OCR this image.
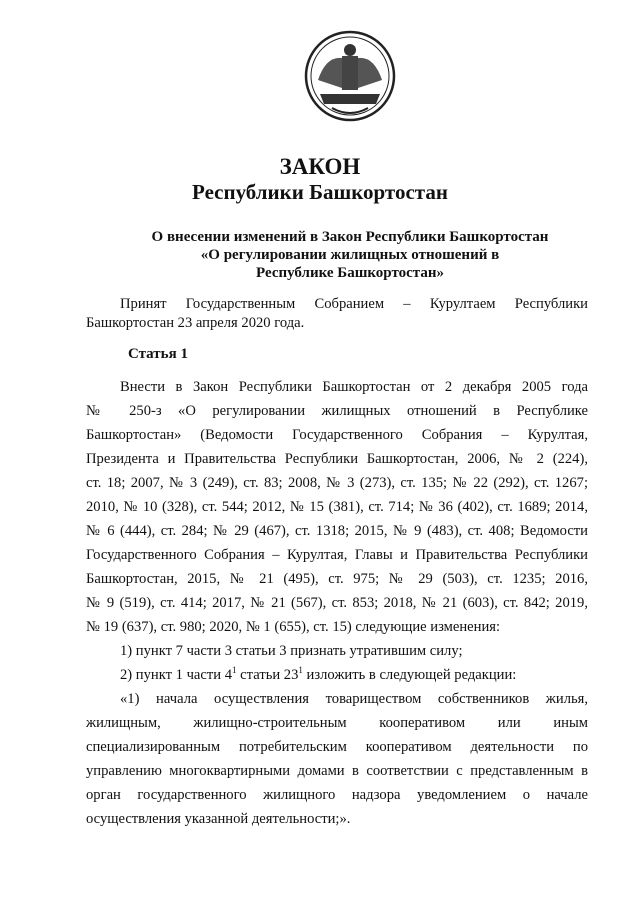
ЗАКОН
Республики Башкортостан
О внесении изменений в Закон Республики Башкортостан
«О регулировании жилищных отношений в
Республике Башкортостан»
Принят Государственным Собранием – Курултаем Республики
Башкортостан 23 апреля 2020 года.
Статья 1
Внести в Закон Республики Башкортостан от 2 декабря 2005 года
№ 250-з «О регулировании жилищных отношений в Республике
Башкортостан» (Ведомости Государственного Собрания – Курултая,
Президента и Правительства Республики Башкортостан, 2006, № 2 (224),
ст. 18; 2007, № 3 (249), ст. 83; 2008, № 3 (273), ст. 135; № 22 (292), ст. 1267;
2010, № 10 (328), ст. 544; 2012, № 15 (381), ст. 714; № 36 (402), ст. 1689; 2014,
№ 6 (444), ст. 284; № 29 (467), ст. 1318; 2015, № 9 (483), ст. 408; Ведомости
Государственного Собрания – Курултая, Главы и Правительства Республики
Башкортостан, 2015, № 21 (495), ст. 975; № 29 (503), ст. 1235; 2016,
№ 9 (519), ст. 414; 2017, № 21 (567), ст. 853; 2018, № 21 (603), ст. 842; 2019,
№ 19 (637), ст. 980; 2020, № 1 (655), ст. 15) следующие изменения:
1) пункт 7 части 3 статьи 3 признать утратившим силу;
2) пункт 1 части $4^1$ статьи $23^1$ изложить в следующей редакции:
«1) начала осуществления товариществом собственников жилья,
жилищным, жилищно-строительным кооперативом или иным
специализированным потребительским кооперативом деятельности по
управлению многоквартирными домами в соответствии с представленным в
орган государственного жилищного надзора уведомлением о начале
осуществления указанной деятельности;».
